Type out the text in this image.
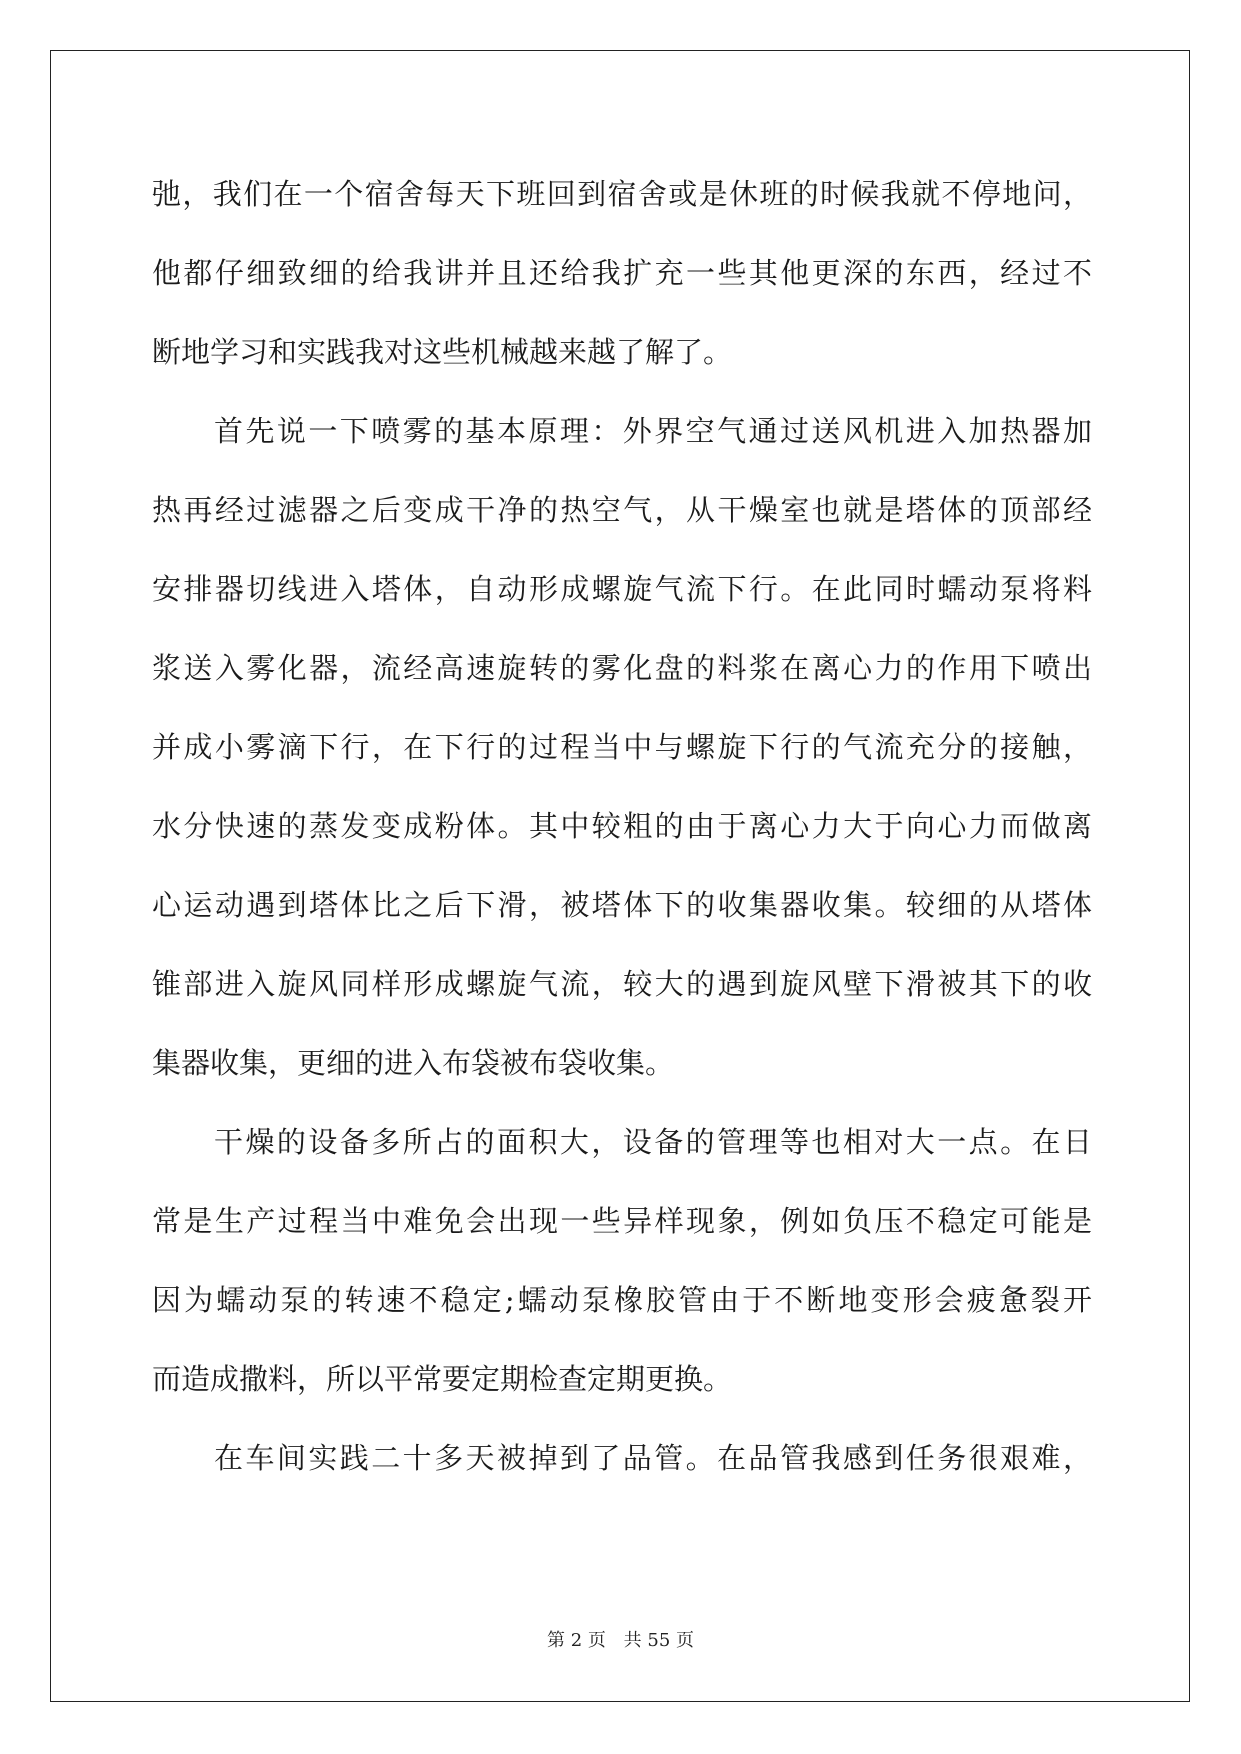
弛，我们在一个宿舍每天下班回到宿舍或是休班的时候我就不停地问，
他都仔细致细的给我讲并且还给我扩充一些其他更深的东西，经过不
断地学习和实践我对这些机械越来越了解了。
首先说一下喷雾的基本原理：外界空气通过送风机进入加热器加
热再经过滤器之后变成干净的热空气，从干燥室也就是塔体的顶部经
安排器切线进入塔体，自动形成螺旋气流下行。在此同时蠕动泵将料
浆送入雾化器，流经高速旋转的雾化盘的料浆在离心力的作用下喷出
并成小雾滴下行，在下行的过程当中与螺旋下行的气流充分的接触，
水分快速的蒸发变成粉体。其中较粗的由于离心力大于向心力而做离
心运动遇到塔体比之后下滑，被塔体下的收集器收集。较细的从塔体
锥部进入旋风同样形成螺旋气流，较大的遇到旋风壁下滑被其下的收
集器收集，更细的进入布袋被布袋收集。
干燥的设备多所占的面积大，设备的管理等也相对大一点。在日
常是生产过程当中难免会出现一些异样现象，例如负压不稳定可能是
因为蠕动泵的转速不稳定;蠕动泵橡胶管由于不断地变形会疲惫裂开
而造成撒料，所以平常要定期检查定期更换。
在车间实践二十多天被掉到了品管。在品管我感到任务很艰难，
第 2 页 共 55 页
